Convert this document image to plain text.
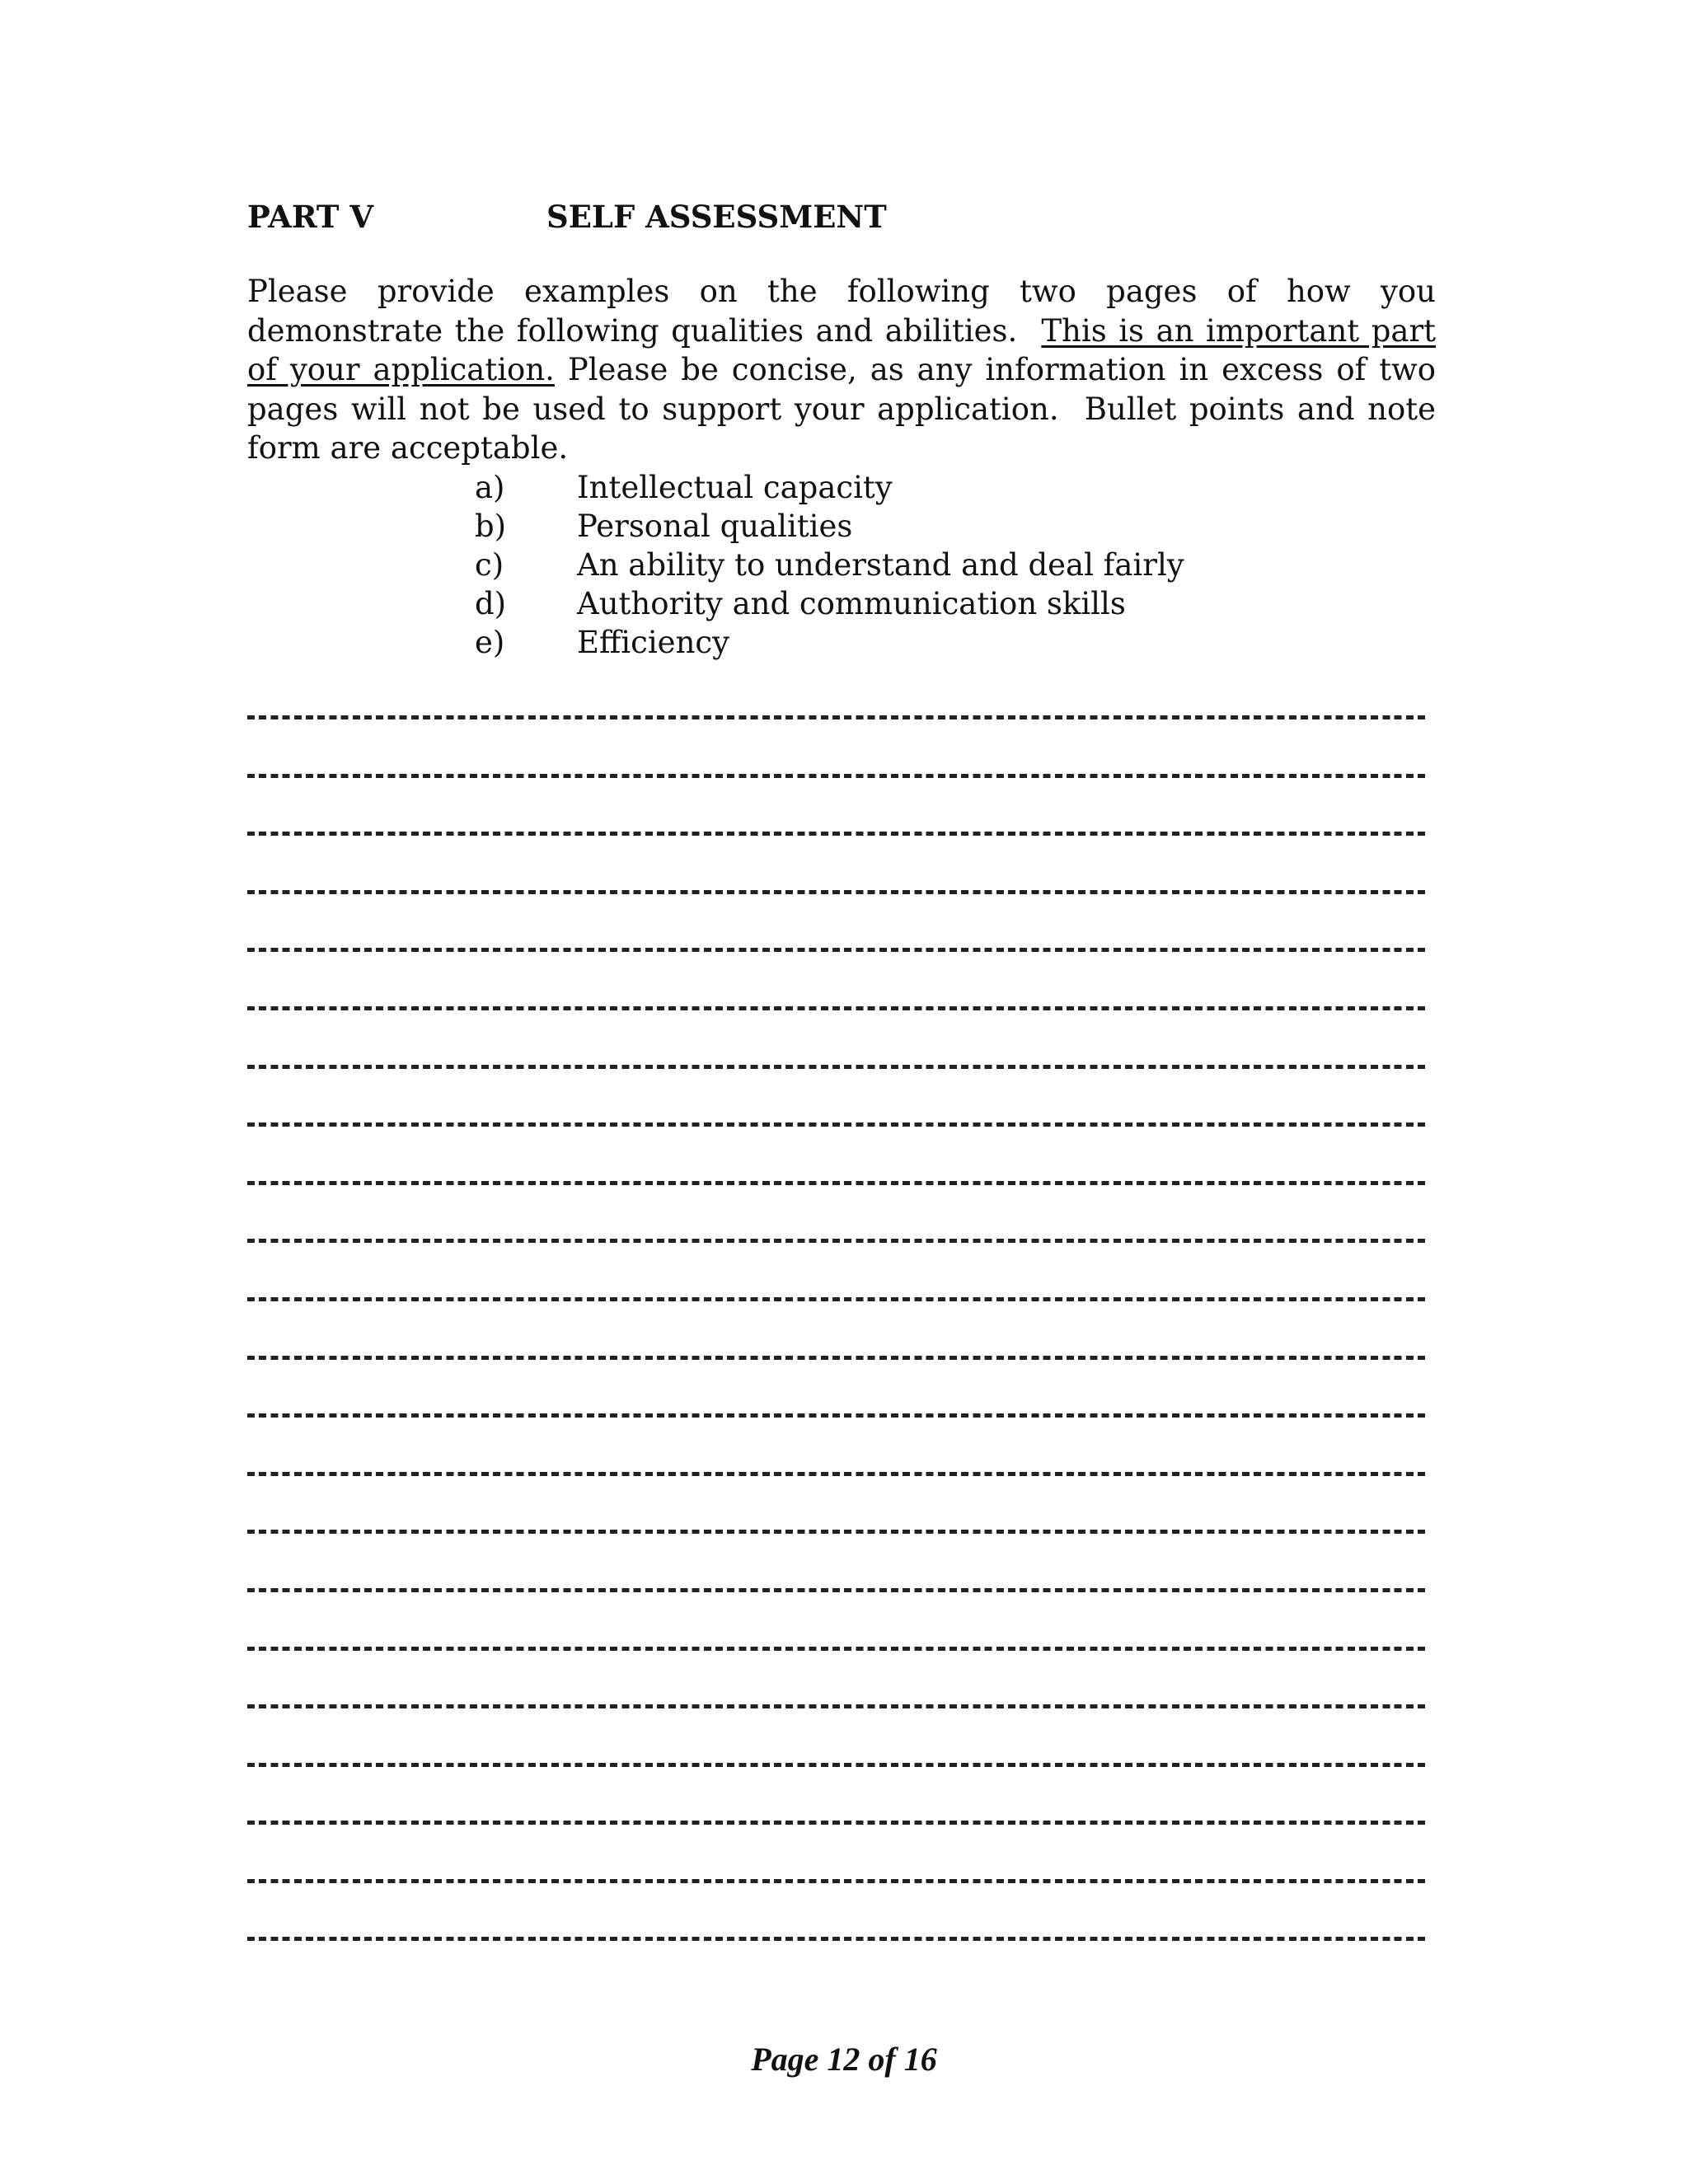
PART V	SELF ASSESSMENT
Please provide examples on the following two pages of how you demonstrate the following qualities and abilities. This is an important part of your application. Please be concise, as any information in excess of two pages will not be used to support your application. Bullet points and note form are acceptable.
a) Intellectual capacity
b) Personal qualities
c) An ability to understand and deal fairly
d) Authority and communication skills
e) Efficiency
Page 12 of 16
